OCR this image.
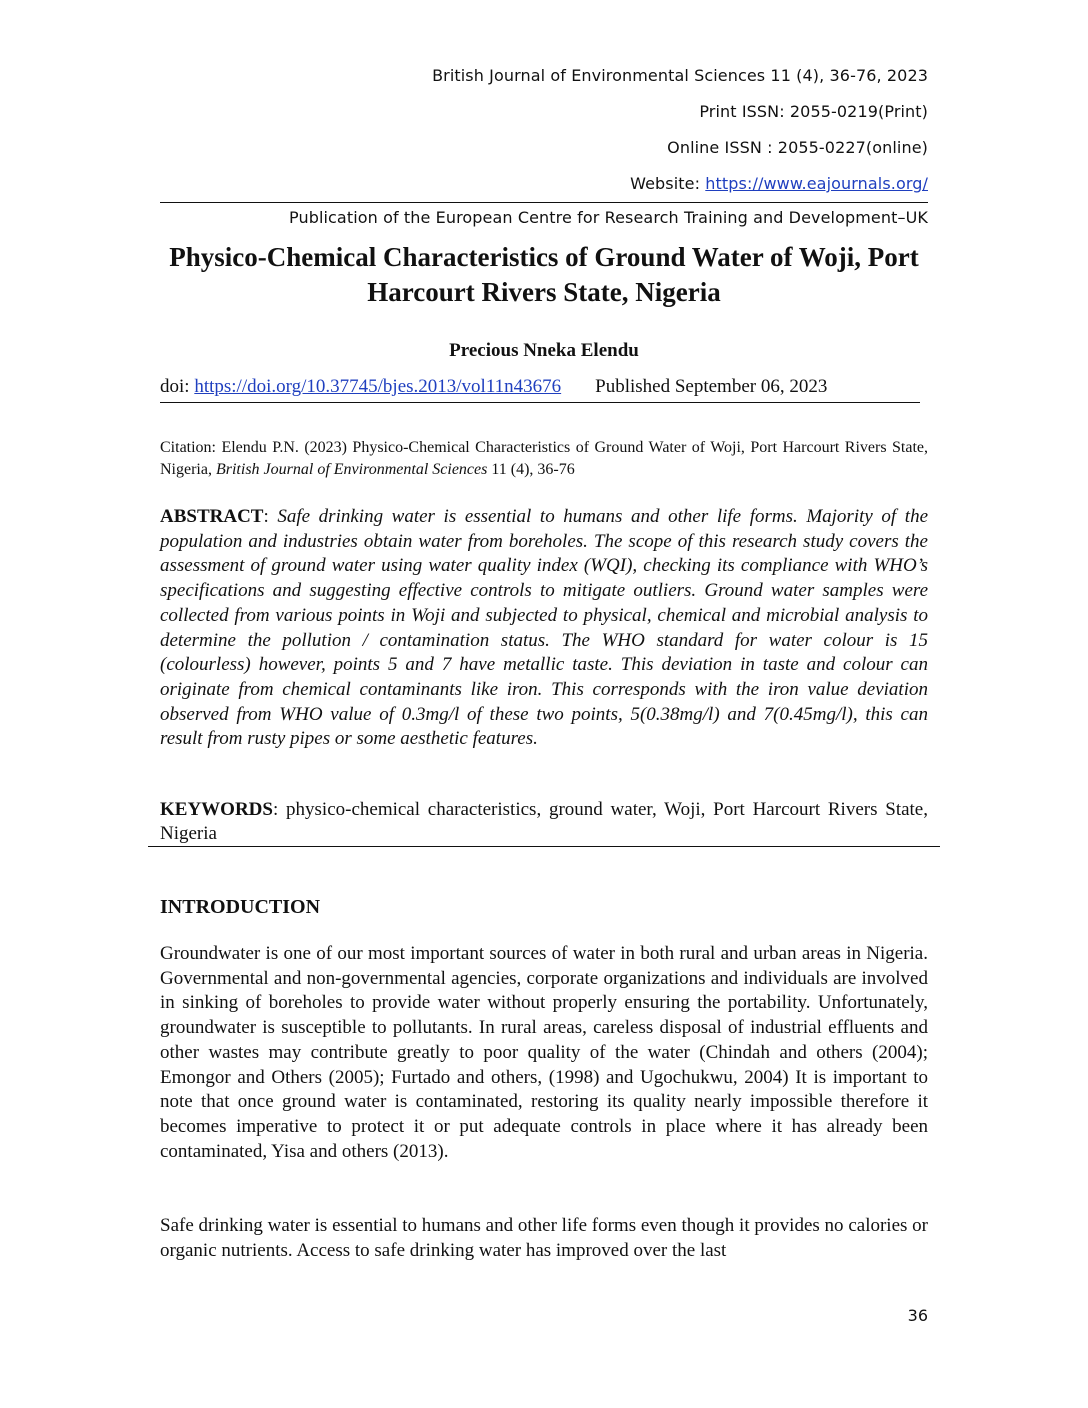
British Journal of Environmental Sciences 11 (4), 36-76, 2023
Print ISSN: 2055-0219(Print)
Online ISSN : 2055-0227(online)
Website: https://www.eajournals.org/
Publication of the European Centre for Research Training and Development–UK
Physico-Chemical Characteristics of Ground Water of Woji, Port Harcourt Rivers State, Nigeria
Precious Nneka Elendu
doi: https://doi.org/10.37745/bjes.2013/vol11n43676 Published September 06, 2023
Citation: Elendu P.N. (2023) Physico-Chemical Characteristics of Ground Water of Woji, Port Harcourt Rivers State, Nigeria, British Journal of Environmental Sciences 11 (4), 36-76
ABSTRACT: Safe drinking water is essential to humans and other life forms. Majority of the population and industries obtain water from boreholes. The scope of this research study covers the assessment of ground water using water quality index (WQI), checking its compliance with WHO’s specifications and suggesting effective controls to mitigate outliers. Ground water samples were collected from various points in Woji and subjected to physical, chemical and microbial analysis to determine the pollution / contamination status. The WHO standard for water colour is 15 (colourless) however, points 5 and 7 have metallic taste. This deviation in taste and colour can originate from chemical contaminants like iron. This corresponds with the iron value deviation observed from WHO value of 0.3mg/l of these two points, 5(0.38mg/l) and 7(0.45mg/l), this can result from rusty pipes or some aesthetic features.
KEYWORDS: physico-chemical characteristics, ground water, Woji, Port Harcourt Rivers State, Nigeria
INTRODUCTION
Groundwater is one of our most important sources of water in both rural and urban areas in Nigeria. Governmental and non-governmental agencies, corporate organizations and individuals are involved in sinking of boreholes to provide water without properly ensuring the portability. Unfortunately, groundwater is susceptible to pollutants. In rural areas, careless disposal of industrial effluents and other wastes may contribute greatly to poor quality of the water (Chindah and others (2004); Emongor and Others (2005); Furtado and others, (1998) and Ugochukwu, 2004) It is important to note that once ground water is contaminated, restoring its quality nearly impossible therefore it becomes imperative to protect it or put adequate controls in place where it has already been contaminated, Yisa and others (2013).
Safe drinking water is essential to humans and other life forms even though it provides no calories or organic nutrients. Access to safe drinking water has improved over the last
36
